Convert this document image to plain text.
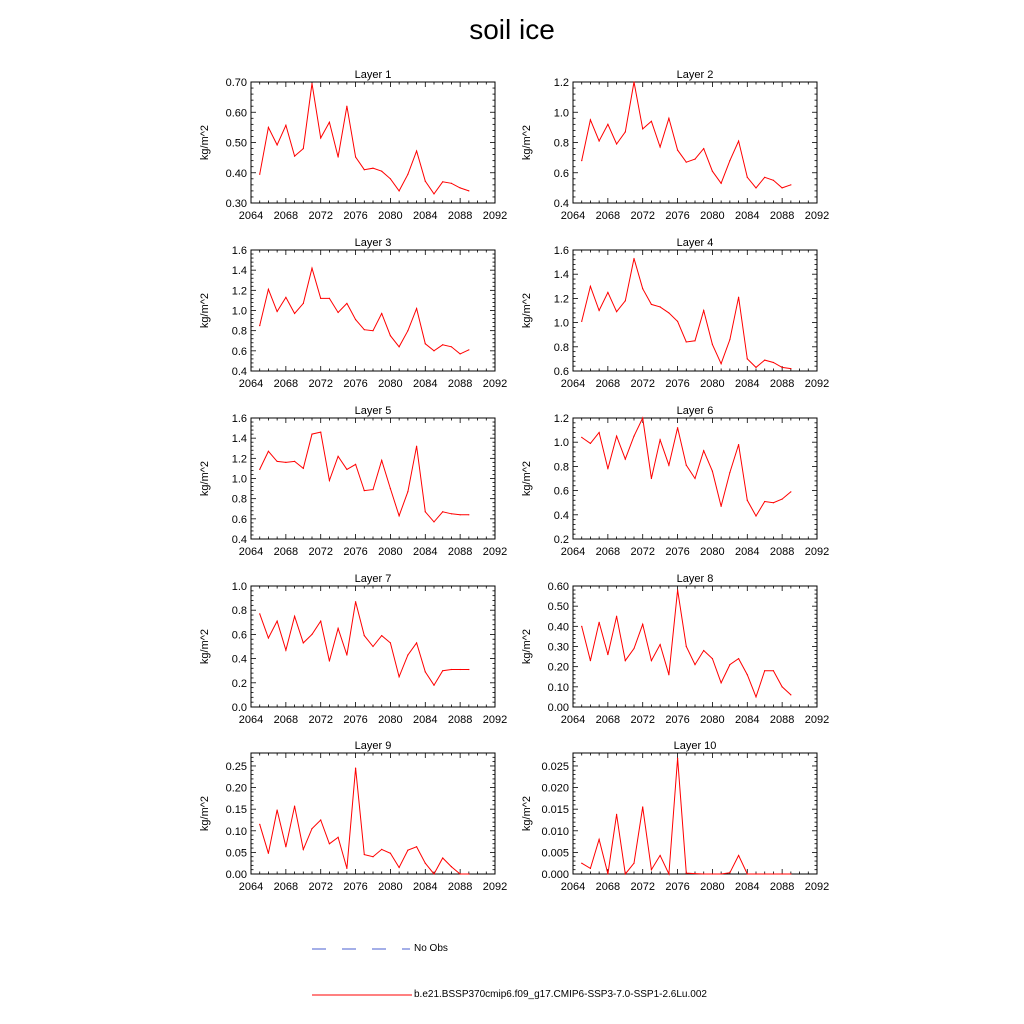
soil ice
Layer 1
kg/m^2
2064 2068 2072 2076 2080 2084 2088 2092
0.30
0.40
0.50
0.60
0.70
Layer 2
kg/m^2
2064 2068 2072 2076 2080 2084 2088 2092
0.4
0.6
0.8
1.0
1.2
Layer 3
kg/m^2
2064 2068 2072 2076 2080 2084 2088 2092
0.4
0.6
0.8
1.0
1.2
1.4
1.6
Layer 4
kg/m^2
2064 2068 2072 2076 2080 2084 2088 2092
0.6
0.8
1.0
1.2
1.4
1.6
Layer 5
kg/m^2
2064 2068 2072 2076 2080 2084 2088 2092
0.4
0.6
0.8
1.0
1.2
1.4
1.6
Layer 6
kg/m^2
2064 2068 2072 2076 2080 2084 2088 2092
0.2
0.4
0.6
0.8
1.0
1.2
Layer 7
kg/m^2
2064 2068 2072 2076 2080 2084 2088 2092
0.0
0.2
0.4
0.6
0.8
1.0
Layer 8
kg/m^2
2064 2068 2072 2076 2080 2084 2088 2092
0.00
0.10
0.20
0.30
0.40
0.50
0.60
Layer 9
kg/m^2
2064 2068 2072 2076 2080 2084 2088 2092
0.00
0.05
0.10
0.15
0.20
0.25
Layer 10
kg/m^2
2064 2068 2072 2076 2080 2084 2088 2092
0.000
0.005
0.010
0.015
0.020
0.025
No Obs
b.e21.BSSP370cmip6.f09_g17.CMIP6-SSP3-7.0-SSP1-2.6Lu.002
